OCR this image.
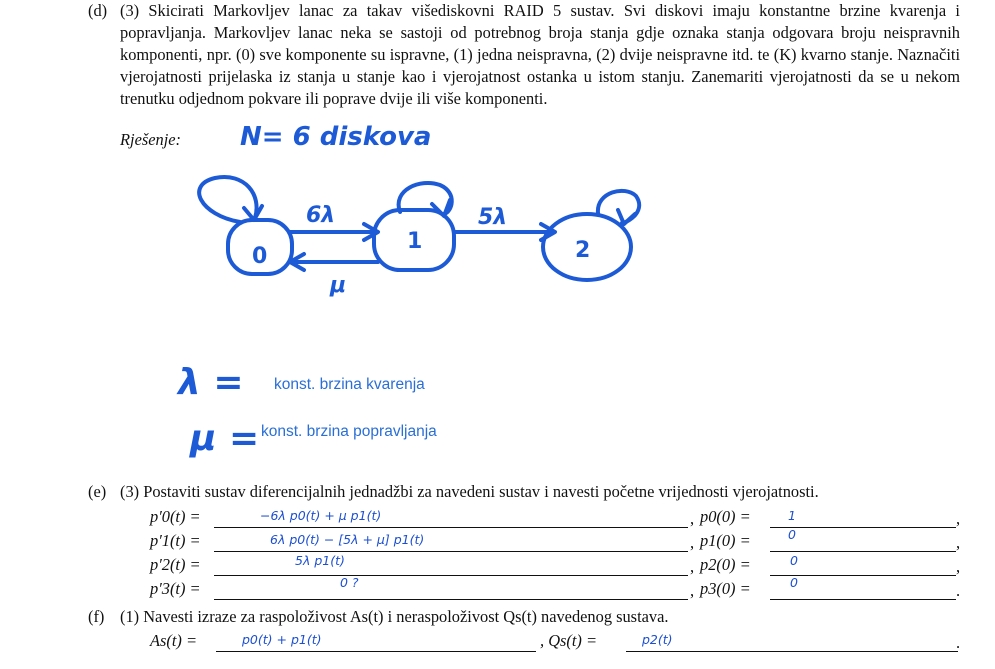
(d) (3) Skicirati Markovljev lanac za takav višediskovni RAID 5 sustav. Svi diskovi imaju konstantne brzine kvarenja i popravljanja. Markovljev lanac neka se sastoji od potrebnog broja stanja gdje oznaka stanja odgovara broju neispravnih komponenti, npr. (0) sve komponente su ispravne, (1) jedna neispravna, (2) dvije neispravne itd. te (K) kvarno stanje. Naznačiti vjerojatnosti prijelaska iz stanja u stanje kao i vjerojatnost ostanka u istom stanju. Zanemariti vjerojatnosti da se u nekom trenutku odjednom pokvare ili poprave dvije ili više komponenti.
Rješenje: N= 6 diskova
0
1	2
6λ	5λ
μ
λ = konst. brzina kvarenja
μ = konst. brzina popravljanja
(e) (3) Postaviti sustav diferencijalnih jednadžbi za navedeni sustav i navesti početne vrijednosti vjerojatnosti.
p′0(t) =	−6λ p0(t) + μ p1(t)	, p0(0) =	1	,
p′1(t) =	6λ p0(t) − [5λ + μ] p1(t)	, p1(0) =	0	,
p′2(t) =	5λ p1(t)	, p2(0) =	0	,
p′3(t) =	0 ?	, p3(0) =	0	.
(f) (1) Navesti izraze za raspoloživost As(t) i neraspoloživost Qs(t) navedenog sustava.
As(t) =	p0(t) + p1(t)	, Qs(t) =	p2(t)	.
